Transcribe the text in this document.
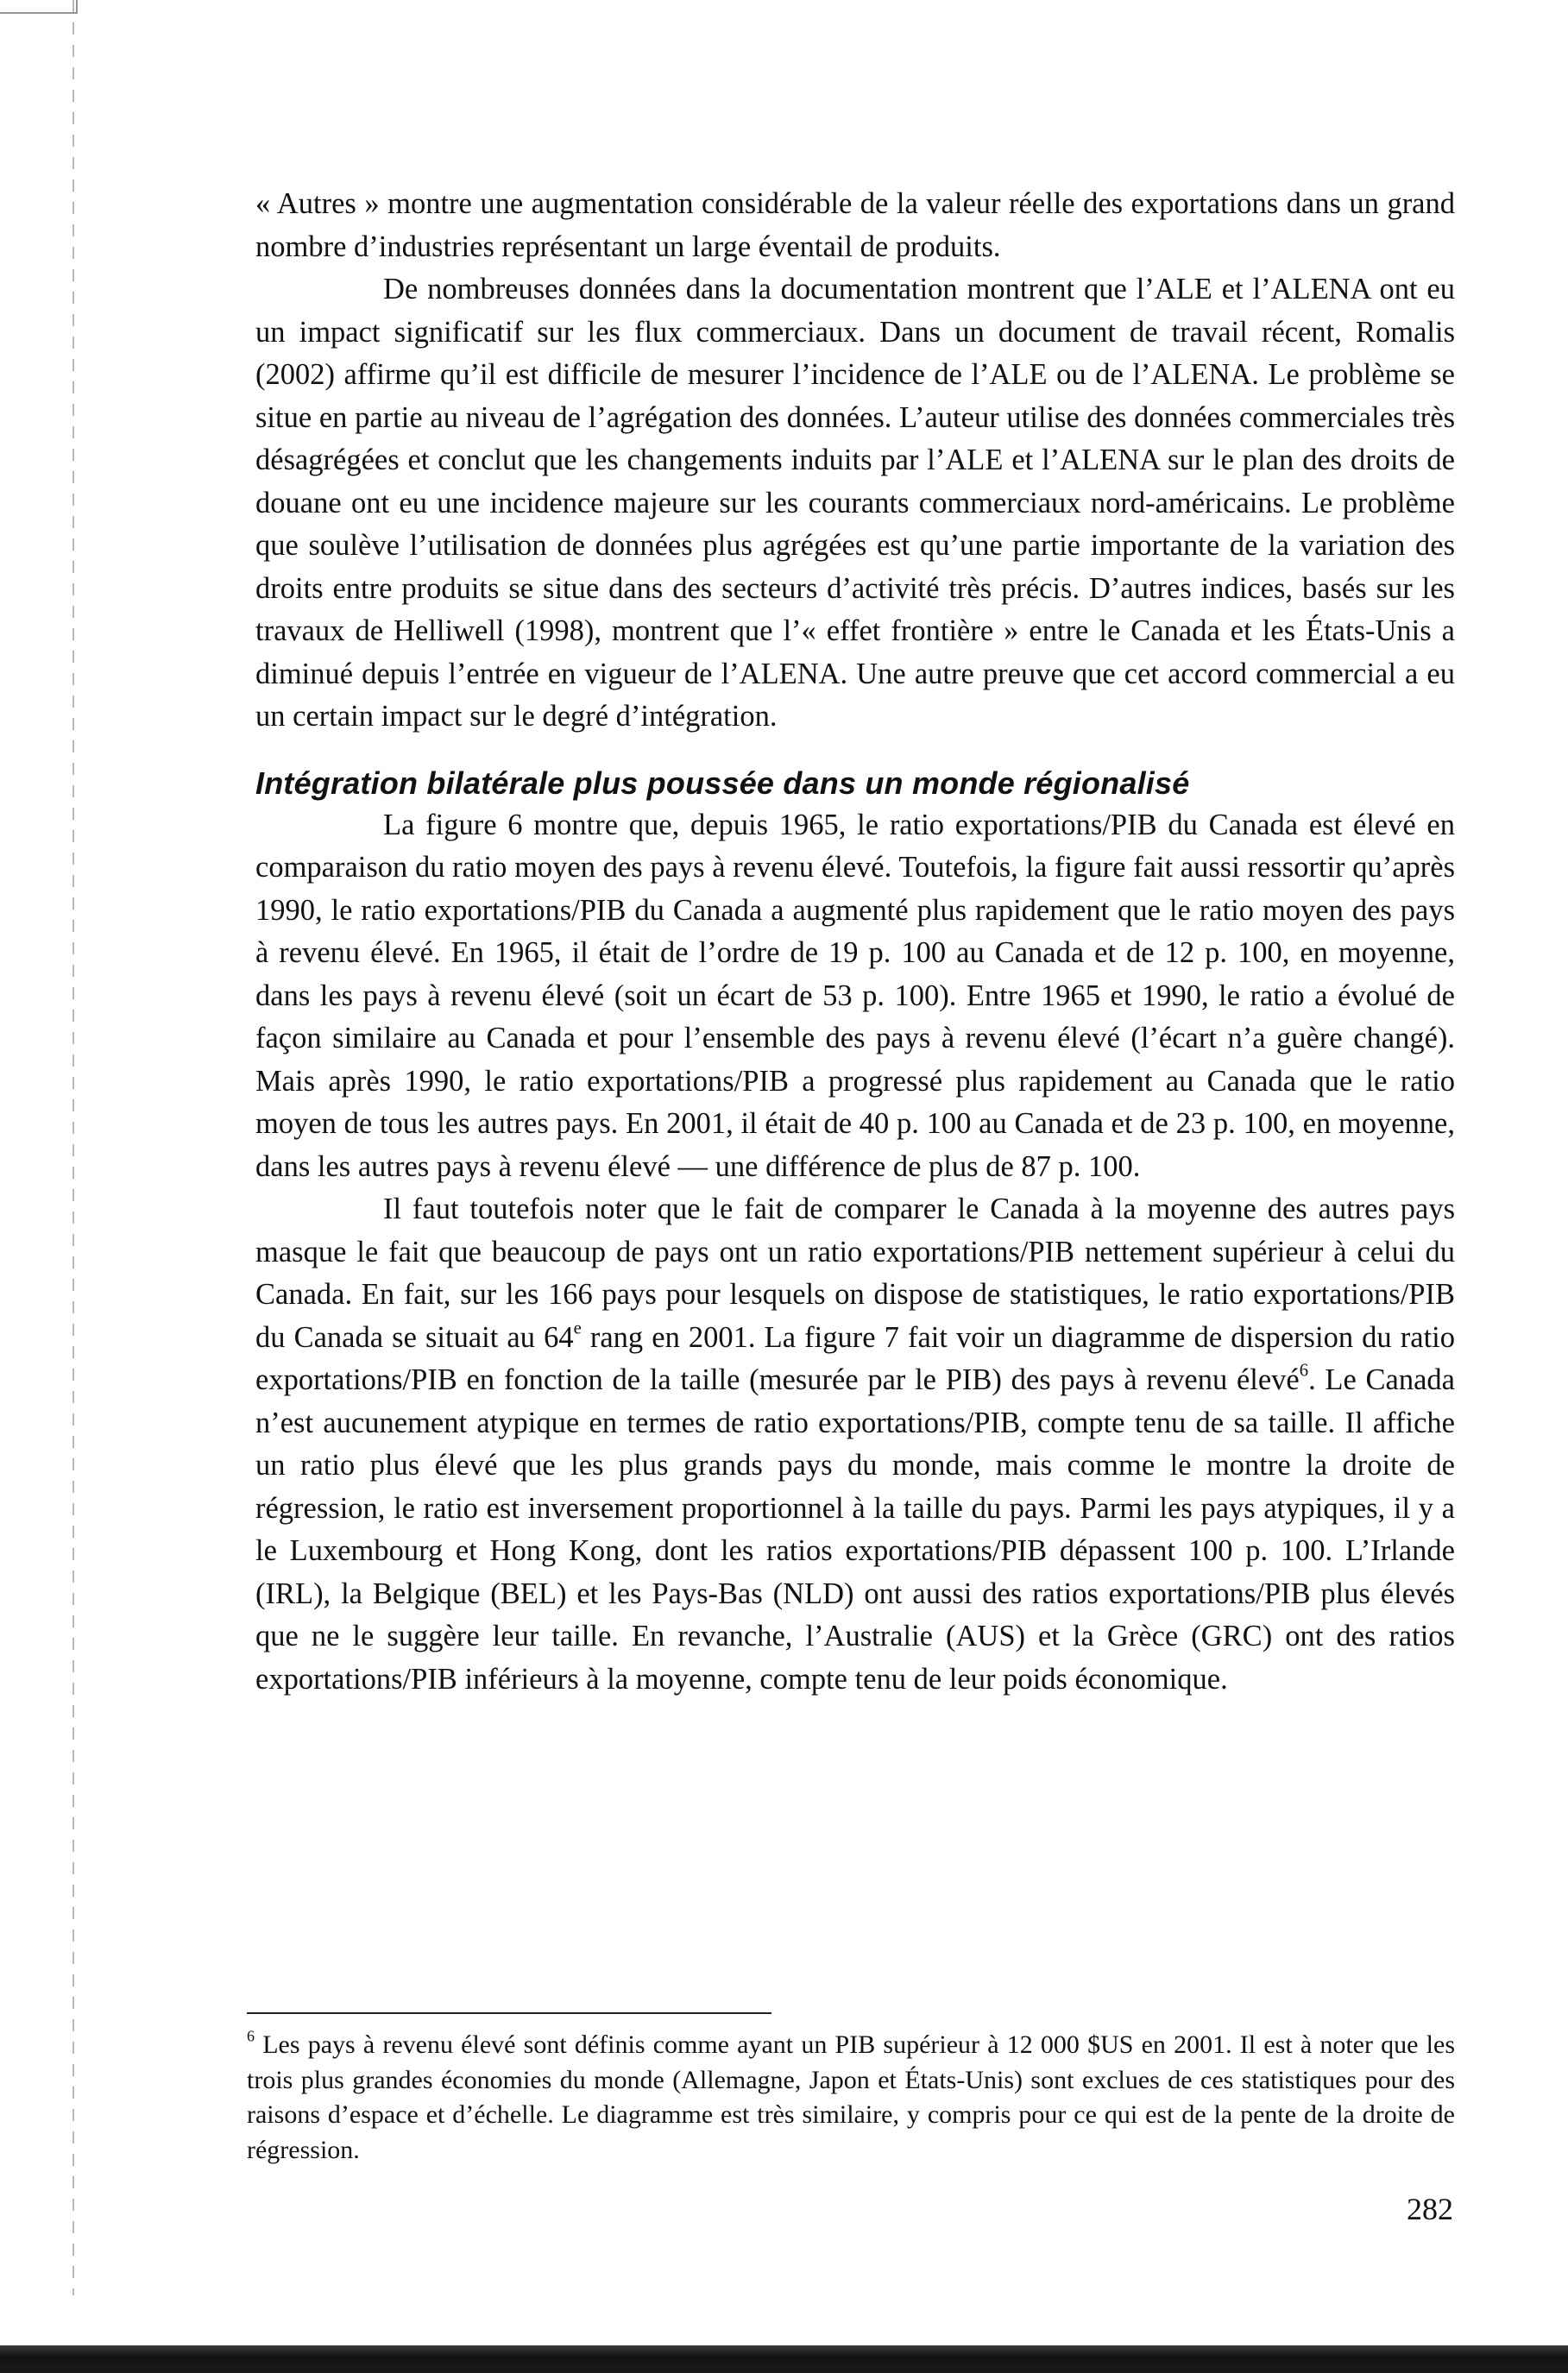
« Autres » montre une augmentation considérable de la valeur réelle des exportations dans un grand nombre d’industries représentant un large éventail de produits.

De nombreuses données dans la documentation montrent que l’ALE et l’ALENA ont eu un impact significatif sur les flux commerciaux. Dans un document de travail récent, Romalis (2002) affirme qu’il est difficile de mesurer l’incidence de l’ALE ou de l’ALENA. Le problème se situe en partie au niveau de l’agrégation des données. L’auteur utilise des données commerciales très désagrégées et conclut que les changements induits par l’ALE et l’ALENA sur le plan des droits de douane ont eu une incidence majeure sur les courants commerciaux nord-américains. Le problème que soulève l’utilisation de données plus agrégées est qu’une partie importante de la variation des droits entre produits se situe dans des secteurs d’activité très précis. D’autres indices, basés sur les travaux de Helliwell (1998), montrent que l’« effet frontière » entre le Canada et les États-Unis a diminué depuis l’entrée en vigueur de l’ALENA. Une autre preuve que cet accord commercial a eu un certain impact sur le degré d’intégration.

Intégration bilatérale plus poussée dans un monde régionalisé

La figure 6 montre que, depuis 1965, le ratio exportations/PIB du Canada est élevé en comparaison du ratio moyen des pays à revenu élevé. Toutefois, la figure fait aussi ressortir qu’après 1990, le ratio exportations/PIB du Canada a augmenté plus rapidement que le ratio moyen des pays à revenu élevé. En 1965, il était de l’ordre de 19 p. 100 au Canada et de 12 p. 100, en moyenne, dans les pays à revenu élevé (soit un écart de 53 p. 100). Entre 1965 et 1990, le ratio a évolué de façon similaire au Canada et pour l’ensemble des pays à revenu élevé (l’écart n’a guère changé). Mais après 1990, le ratio exportations/PIB a progressé plus rapidement au Canada que le ratio moyen de tous les autres pays. En 2001, il était de 40 p. 100 au Canada et de 23 p. 100, en moyenne, dans les autres pays à revenu élevé — une différence de plus de 87 p. 100.

Il faut toutefois noter que le fait de comparer le Canada à la moyenne des autres pays masque le fait que beaucoup de pays ont un ratio exportations/PIB nettement supérieur à celui du Canada. En fait, sur les 166 pays pour lesquels on dispose de statistiques, le ratio exportations/PIB du Canada se situait au 64e rang en 2001. La figure 7 fait voir un diagramme de dispersion du ratio exportations/PIB en fonction de la taille (mesurée par le PIB) des pays à revenu élevé$^6$. Le Canada n’est aucunement atypique en termes de ratio exportations/PIB, compte tenu de sa taille. Il affiche un ratio plus élevé que les plus grands pays du monde, mais comme le montre la droite de régression, le ratio est inversement proportionnel à la taille du pays. Parmi les pays atypiques, il y a le Luxembourg et Hong Kong, dont les ratios exportations/PIB dépassent 100 p. 100. L’Irlande (IRL), la Belgique (BEL) et les Pays-Bas (NLD) ont aussi des ratios exportations/PIB plus élevés que ne le suggère leur taille. En revanche, l’Australie (AUS) et la Grèce (GRC) ont des ratios exportations/PIB inférieurs à la moyenne, compte tenu de leur poids économique.

$^6$ Les pays à revenu élevé sont définis comme ayant un PIB supérieur à 12 000 $US en 2001. Il est à noter que les trois plus grandes économies du monde (Allemagne, Japon et États-Unis) sont exclues de ces statistiques pour des raisons d’espace et d’échelle. Le diagramme est très similaire, y compris pour ce qui est de la pente de la droite de régression.
282
